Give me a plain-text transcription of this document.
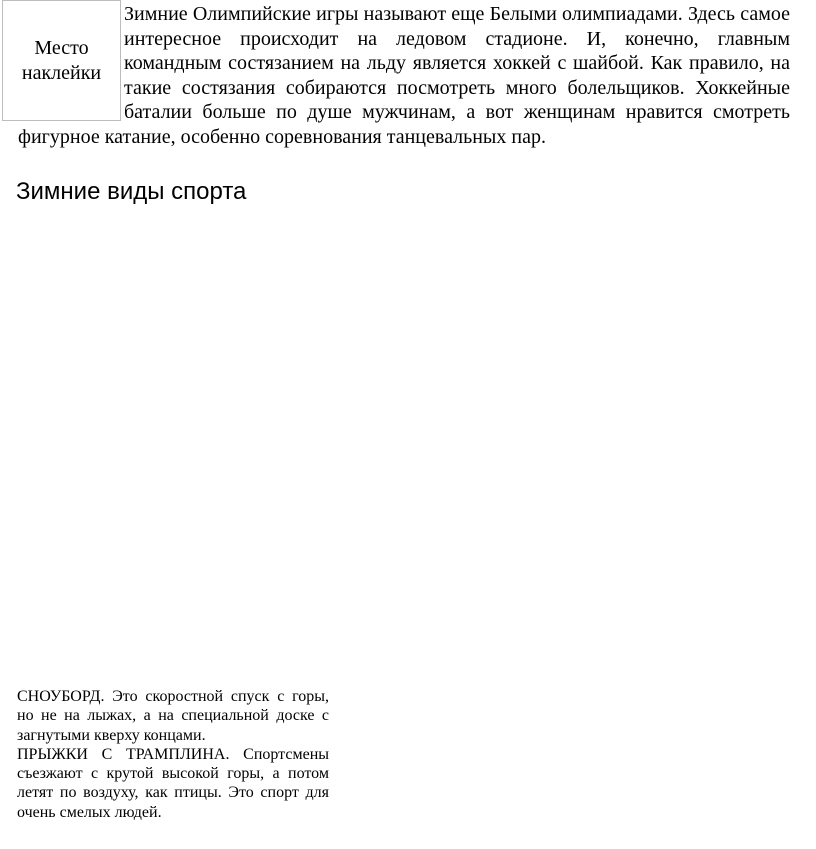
Место
наклейки
Зимние Олимпийские игры называют еще Белыми олимпиадами. Здесь самое интересное происходит на ледовом стадионе. И, конечно, главным командным состязанием на льду является хоккей с шайбой. Как правило, на такие состязания собираются посмотреть много болельщиков. Хоккейные баталии больше по душе мужчинам, а вот женщинам нравится смотреть фигурное катание, особенно соревнования танцевальных пар.
Зимние виды спорта

СНОУБОРД. Это скоростной спуск с горы, но не на лыжах, а на специальной доске с загнутыми кверху концами.

ПРЫЖКИ С ТРАМПЛИНА. Спортсмены съезжают с крутой высокой горы, а потом летят по воздуху, как птицы. Это спорт для очень смелых людей.
